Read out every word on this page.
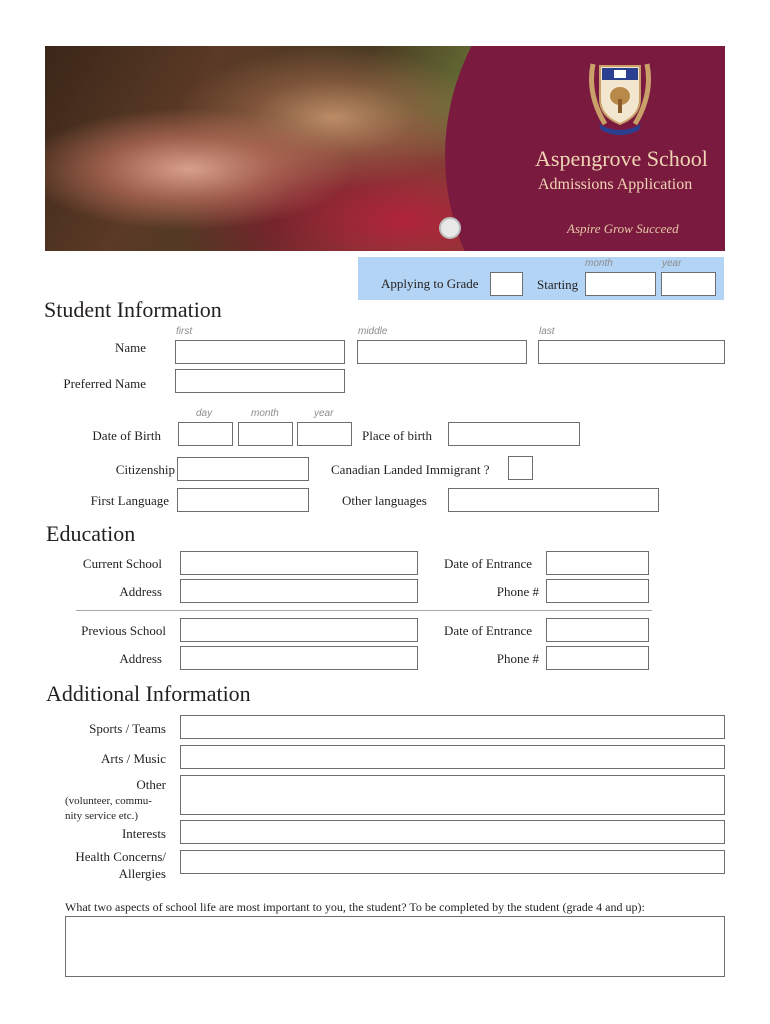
Aspengrove School
Admissions Application
Aspire Grow Succeed
month	year
Applying to Grade	Starting
Student Information
first	middle	last
Name
Preferred Name
day	month	year
Date of Birth	Place of birth
Citizenship	Canadian Landed Immigrant ?
First Language	Other languages
Education
Current School	Date of Entrance
Address	Phone #
Previous School	Date of Entrance
Address	Phone #
Additional Information
Sports / Teams
Arts / Music
Other
(volunteer, commu-
nity service etc.)
Interests
Health Concerns/
Allergies
What two aspects of school life are most important to you, the student? To be completed by the student (grade 4 and up):
